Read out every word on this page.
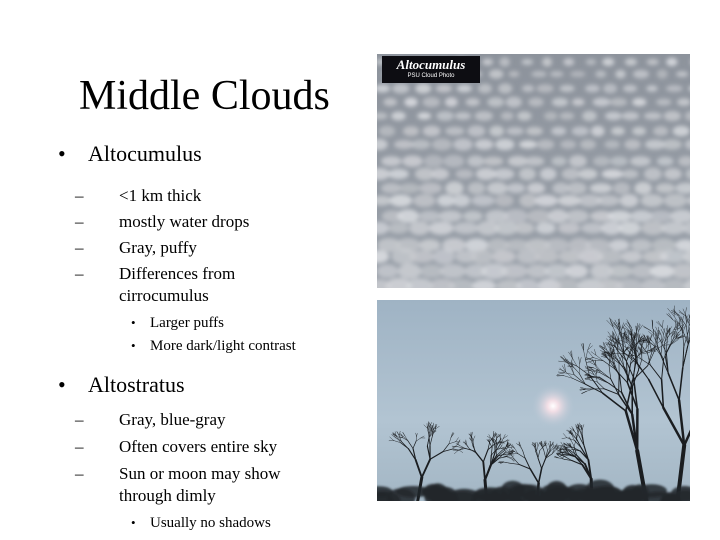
Middle Clouds
• Altocumulus
– <1 km thick
– mostly water drops
– Gray, puffy
– Differences from cirrocumulus
• Larger puffs
• More dark/light contrast
• Altostratus
– Gray, blue-gray
– Often covers entire sky
– Sun or moon may show through dimly
• Usually no shadows
Altocumulus
PSU Cloud Photo
